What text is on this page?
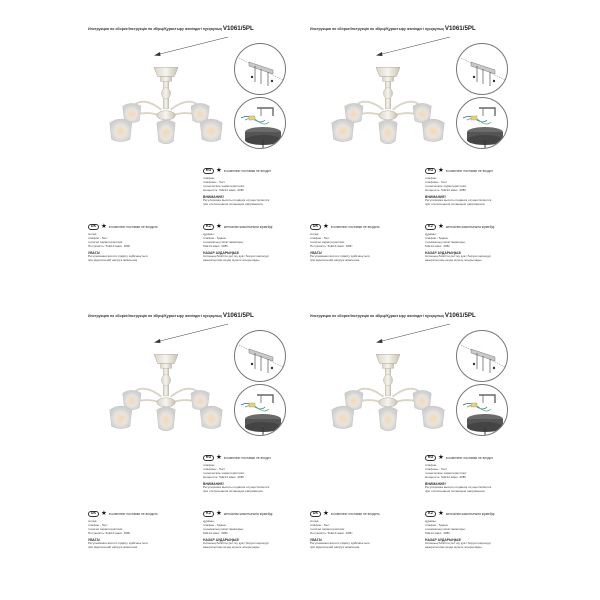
Инструкция по сборке/Інструкція по збірці/Құрастыру жөніндегі нұсқаулық V1061/5PL
RU ★ в комплект поставки не входит
плафон:
плафоны - 5шт.
технические характеристики:
мощность: 5xE14 макс. 40Вт
ВНИМАНИЕ!
Регулировка высоты подвеса осуществляется
при отключенном питающем напряжении.
UK ★ в комплект поставки не входить
склад:
плафон - 5шт.
технічні характеристики:
Потужність: 5xE14 макс. 40Вт
УВАГА!
Регулювання висоти підвісу здійснюється
при відключеній напрузі живлення.
KZ ★ жеткізілім жиынтығына кірмейді
құрамы:
плафон - 5дана.
техникалық сипаттамалары:
5xE14 макс. 40Вт
НАЗАР АУДАРЫҢЫЗ!
Аспаның биіктігін реттеу қуат беруші кернеуді
ажыратылған кезде жүзеге асырылады.
Инструкция по сборке/Інструкція по збірці/Құрастыру жөніндегі нұсқаулық V1061/5PL
RU ★ в комплект поставки не входит
плафон:
плафоны - 5шт.
технические характеристики:
мощность: 5xE14 макс. 40Вт
ВНИМАНИЕ!
Регулировка высоты подвеса осуществляется
при отключенном питающем напряжении.
UK ★ в комплект поставки не входить
склад:
плафон - 5шт.
технічні характеристики:
Потужність: 5xE14 макс. 40Вт
УВАГА!
Регулювання висоти підвісу здійснюється
при відключеній напрузі живлення.
KZ ★ жеткізілім жиынтығына кірмейді
құрамы:
плафон - 5дана.
техникалық сипаттамалары:
5xE14 макс. 40Вт
НАЗАР АУДАРЫҢЫЗ!
Аспаның биіктігін реттеу қуат беруші кернеуді
ажыратылған кезде жүзеге асырылады.
Инструкция по сборке/Інструкція по збірці/Құрастыру жөніндегі нұсқаулық V1061/5PL
RU ★ в комплект поставки не входит
плафон:
плафоны - 5шт.
технические характеристики:
мощность: 5xE14 макс. 40Вт
ВНИМАНИЕ!
Регулировка высоты подвеса осуществляется
при отключенном питающем напряжении.
UK ★ в комплект поставки не входить
склад:
плафон - 5шт.
технічні характеристики:
Потужність: 5xE14 макс. 40Вт
УВАГА!
Регулювання висоти підвісу здійснюється
при відключеній напрузі живлення.
KZ ★ жеткізілім жиынтығына кірмейді
құрамы:
плафон - 5дана.
техникалық сипаттамалары:
5xE14 макс. 40Вт
НАЗАР АУДАРЫҢЫЗ!
Аспаның биіктігін реттеу қуат беруші кернеуді
ажыратылған кезде жүзеге асырылады.
Инструкция по сборке/Інструкція по збірці/Құрастыру жөніндегі нұсқаулық V1061/5PL
RU ★ в комплект поставки не входит
плафон:
плафоны - 5шт.
технические характеристики:
мощность: 5xE14 макс. 40Вт
ВНИМАНИЕ!
Регулировка высоты подвеса осуществляется
при отключенном питающем напряжении.
UK ★ в комплект поставки не входить
склад:
плафон - 5шт.
технічні характеристики:
Потужність: 5xE14 макс. 40Вт
УВАГА!
Регулювання висоти підвісу здійснюється
при відключеній напрузі живлення.
KZ ★ жеткізілім жиынтығына кірмейді
құрамы:
плафон - 5дана.
техникалық сипаттамалары:
5xE14 макс. 40Вт
НАЗАР АУДАРЫҢЫЗ!
Аспаның биіктігін реттеу қуат беруші кернеуді
ажыратылған кезде жүзеге асырылады.
